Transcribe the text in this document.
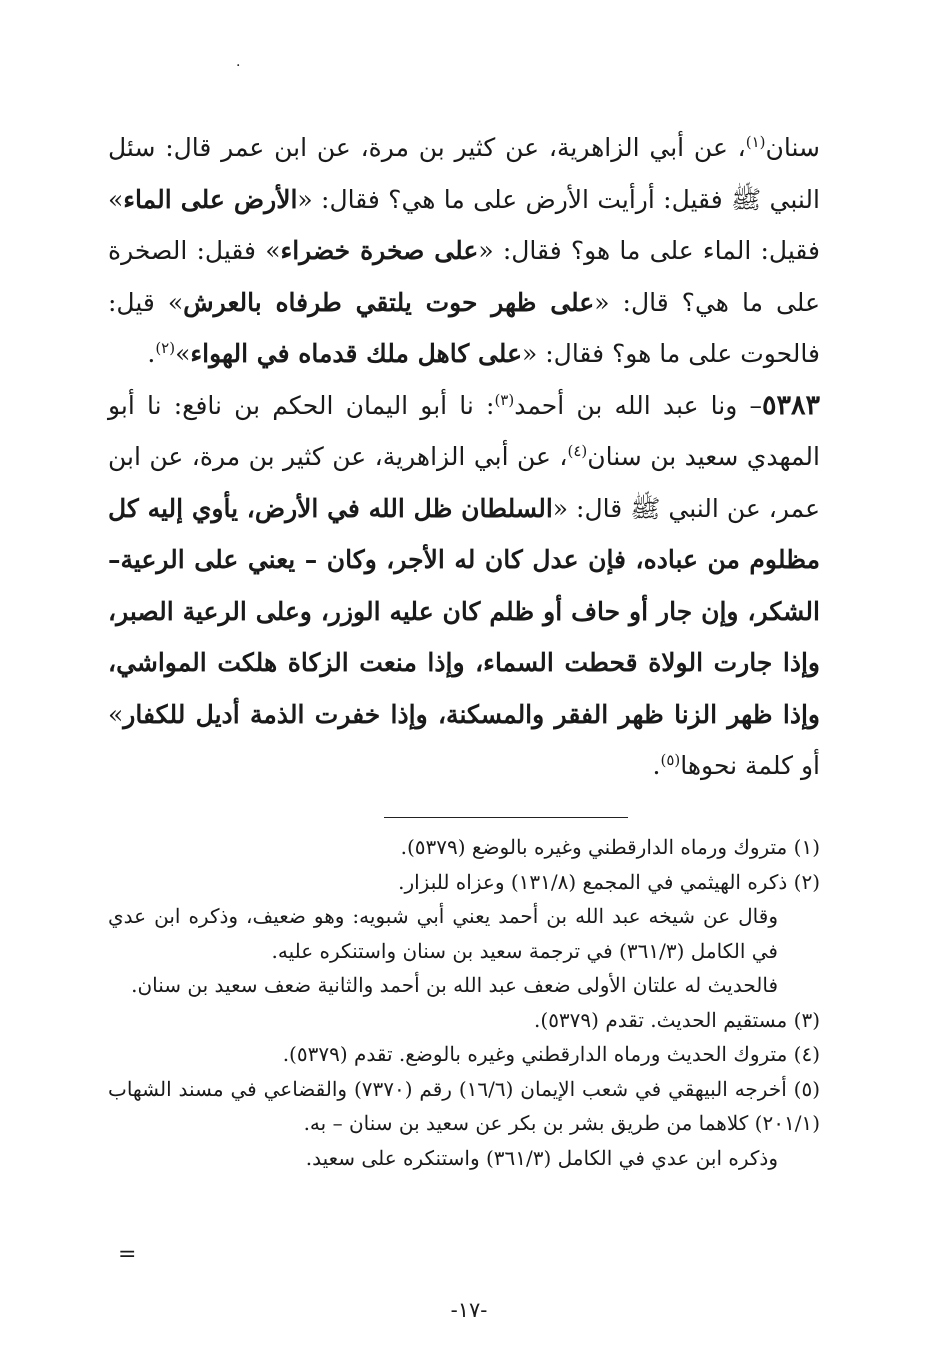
·

سنان$^{(١)}$، عن أبي الزاهرية، عن كثير بن مرة، عن ابن عمر قال: سئل النبي ﷺ فقيل: أرأيت الأرض على ما هي؟ فقال: «الأرض على الماء» فقيل: الماء على ما هو؟ فقال: «على صخرة خضراء» فقيل: الصخرة على ما هي؟ قال: «على ظهر حوت يلتقي طرفاه بالعرش» قيل: فالحوت على ما هو؟ فقال: «على كاهل ملك قدماه في الهواء»$^{(٢)}$.

٥٣٨٣– ونا عبد الله بن أحمد$^{(٣)}$: نا أبو اليمان الحكم بن نافع: نا أبو المهدي سعيد بن سنان$^{(٤)}$، عن أبي الزاهرية، عن كثير بن مرة، عن ابن عمر، عن النبي ﷺ قال: «السلطان ظل الله في الأرض، يأوي إليه كل مظلوم من عباده، فإن عدل كان له الأجر، وكان – يعني على الرعية– الشكر، وإن جار أو حاف أو ظلم كان عليه الوزر، وعلى الرعية الصبر، وإذا جارت الولاة قحطت السماء، وإذا منعت الزكاة هلكت المواشي، وإذا ظهر الزنا ظهر الفقر والمسكنة، وإذا خفرت الذمة أديل للكفار» أو كلمة نحوها$^{(٥)}$.

(١) متروك ورماه الدارقطني وغيره بالوضع (٥٣٧٩).

(٢) ذكره الهيثمي في المجمع (١٣١/٨) وعزاه للبزار.

وقال عن شيخه عبد الله بن أحمد يعني أبي شبويه: وهو ضعيف، وذكره ابن عدي في الكامل (٣٦١/٣) في ترجمة سعيد بن سنان واستنكره عليه.

فالحديث له علتان الأولى ضعف عبد الله بن أحمد والثانية ضعف سعيد بن سنان.

(٣) مستقيم الحديث. تقدم (٥٣٧٩).

(٤) متروك الحديث ورماه الدارقطني وغيره بالوضع. تقدم (٥٣٧٩).

(٥) أخرجه البيهقي في شعب الإيمان (١٦/٦) رقم (٧٣٧٠) والقضاعي في مسند الشهاب (٢٠١/١) كلاهما من طريق بشر بن بكر عن سعيد بن سنان – به.

وذكره ابن عدي في الكامل (٣٦١/٣) واستنكره على سعيد.

=
-١٧-
